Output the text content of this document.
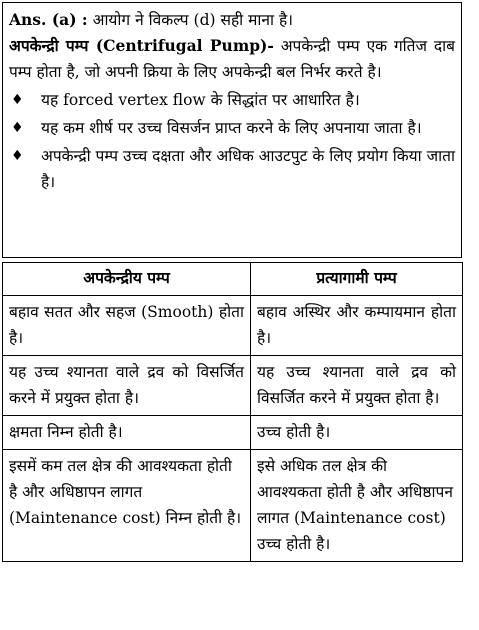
Ans. (a) : आयोग ने विकल्प (d) सही माना है।
अपकेन्द्री पम्प (Centrifugal Pump)- अपकेन्द्री पम्प एक गतिज दाब पम्प होता है, जो अपनी क्रिया के लिए अपकेन्द्री बल निर्भर करते है।
♦ यह forced vertex flow के सिद्धांत पर आधारित है।
♦ यह कम शीर्ष पर उच्च विसर्जन प्राप्त करने के लिए अपनाया जाता है।
♦ अपकेन्द्री पम्प उच्च दक्षता और अधिक आउटपुट के लिए प्रयोग किया जाता है।
अपकेन्द्रीय पम्प	प्रत्यागामी पम्प
बहाव सतत और सहज (Smooth) होता है।	बहाव अस्थिर और कम्पायमान होता है।
यह उच्च श्यानता वाले द्रव को विसर्जित करने में प्रयुक्त होता है।	यह उच्च श्यानता वाले द्रव को विसर्जित करने में प्रयुक्त होता है।
क्षमता निम्न होती है।	उच्च होती है।
इसमें कम तल क्षेत्र की आवश्यकता होती है और अधिष्ठापन लागत (Maintenance cost) निम्न होती है।	इसे अधिक तल क्षेत्र की आवश्यकता होती है और अधिष्ठापन लागत (Maintenance cost) उच्च होती है।
